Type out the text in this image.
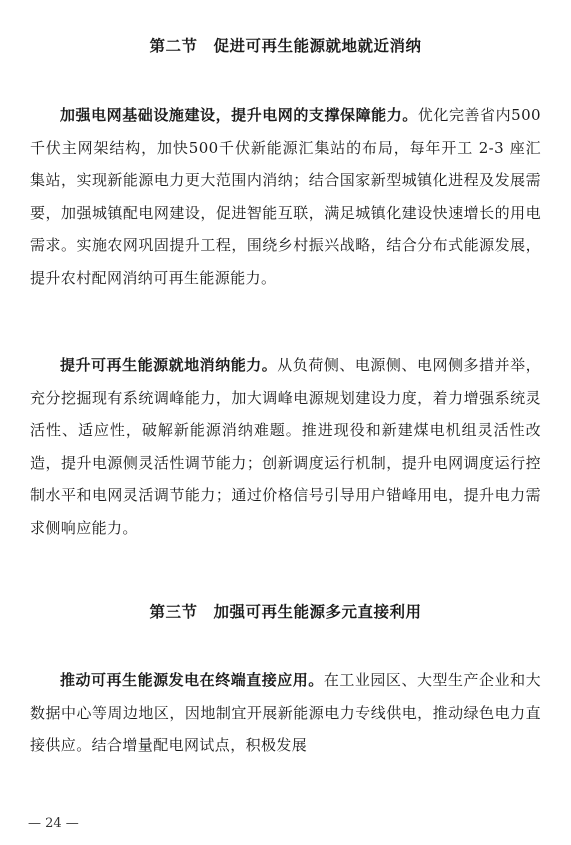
第二节　促进可再生能源就地就近消纳

加强电网基础设施建设，提升电网的支撑保障能力。优化完善省内500千伏主网架结构，加快500千伏新能源汇集站的布局，每年开工 2-3 座汇集站，实现新能源电力更大范围内消纳；结合国家新型城镇化进程及发展需要，加强城镇配电网建设，促进智能互联，满足城镇化建设快速增长的用电需求。实施农网巩固提升工程，围绕乡村振兴战略，结合分布式能源发展，提升农村配网消纳可再生能源能力。

提升可再生能源就地消纳能力。从负荷侧、电源侧、电网侧多措并举，充分挖掘现有系统调峰能力，加大调峰电源规划建设力度，着力增强系统灵活性、适应性，破解新能源消纳难题。推进现役和新建煤电机组灵活性改造，提升电源侧灵活性调节能力；创新调度运行机制，提升电网调度运行控制水平和电网灵活调节能力；通过价格信号引导用户错峰用电，提升电力需求侧响应能力。

第三节　加强可再生能源多元直接利用

推动可再生能源发电在终端直接应用。在工业园区、大型生产企业和大数据中心等周边地区，因地制宜开展新能源电力专线供电，推动绿色电力直接供应。结合增量配电网试点，积极发展

— 24 —
